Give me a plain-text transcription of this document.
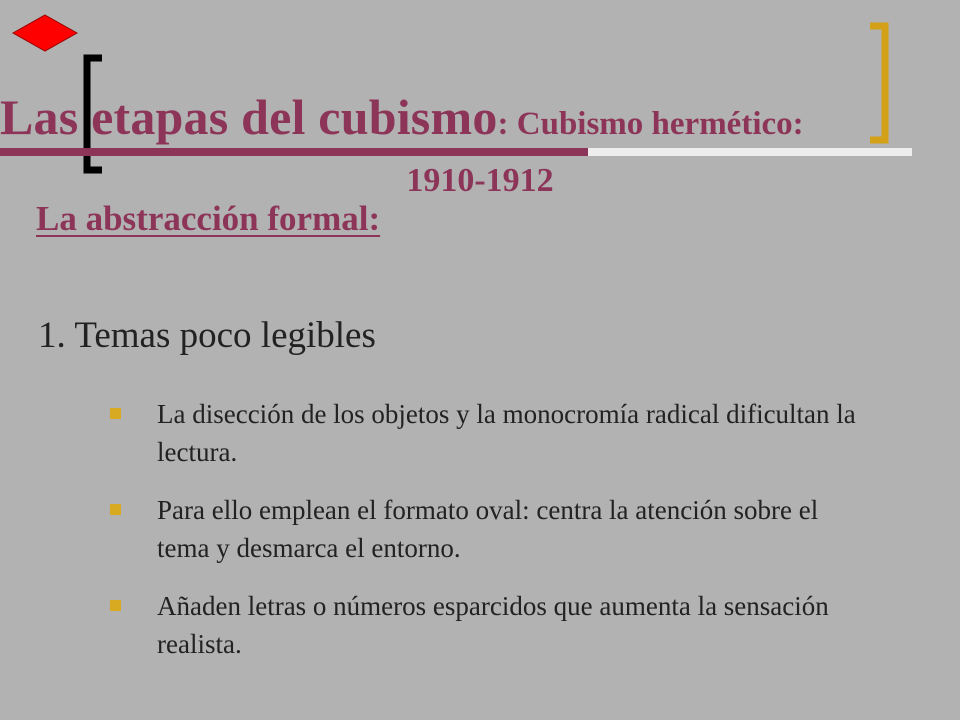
Las etapas del cubismo: Cubismo hermético:
1910-1912
La abstracción formal:
1. Temas poco legibles
La disección de los objetos y la monocromía radical dificultan la lectura.
Para ello emplean el formato oval: centra la atención sobre el tema y desmarca el entorno.
Añaden letras o números esparcidos que aumenta la sensación realista.
